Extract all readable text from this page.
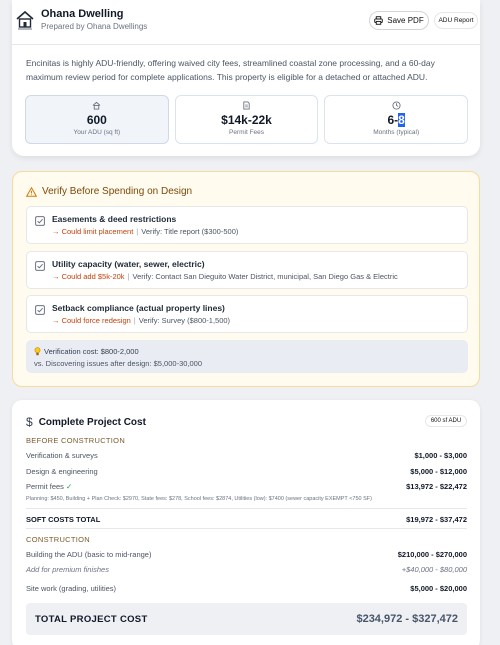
Ohana Dwelling
Prepared by Ohana Dwellings
Save PDF	ADU Report

Encinitas is highly ADU-friendly, offering waived city fees, streamlined coastal zone processing, and a 60-day maximum review period for complete applications. This property is eligible for a detached or attached ADU.

600
Your ADU (sq ft)
$14k-22k
Permit Fees
6-8
Months (typical)
Verify Before Spending on Design
Easements & deed restrictions
→ Could limit placement | Verify: Title report ($300-500)
Utility capacity (water, sewer, electric)
→ Could add $5k-20k | Verify: Contact San Dieguito Water District, municipal, San Diego Gas & Electric
Setback compliance (actual property lines)
→ Could force redesign | Verify: Survey ($800-1,500)
Verification cost: $800-2,000
vs. Discovering issues after design: $5,000-30,000
$ Complete Project Cost	600 sf ADU
BEFORE CONSTRUCTION
Verification & surveys	$1,000 - $3,000
Design & engineering	$5,000 - $12,000
Permit fees ✓	$13,972 - $22,472
Planning: $450, Building + Plan Check: $2970, State fees: $278, School fees: $2874, Utilities (low): $7400 (sewer capacity EXEMPT <750 SF)
SOFT COSTS TOTAL	$19,972 - $37,472
CONSTRUCTION
Building the ADU (basic to mid-range)	$210,000 - $270,000
Add for premium finishes	+$40,000 - $80,000
Site work (grading, utilities)	$5,000 - $20,000
TOTAL PROJECT COST	$234,972 - $327,472
